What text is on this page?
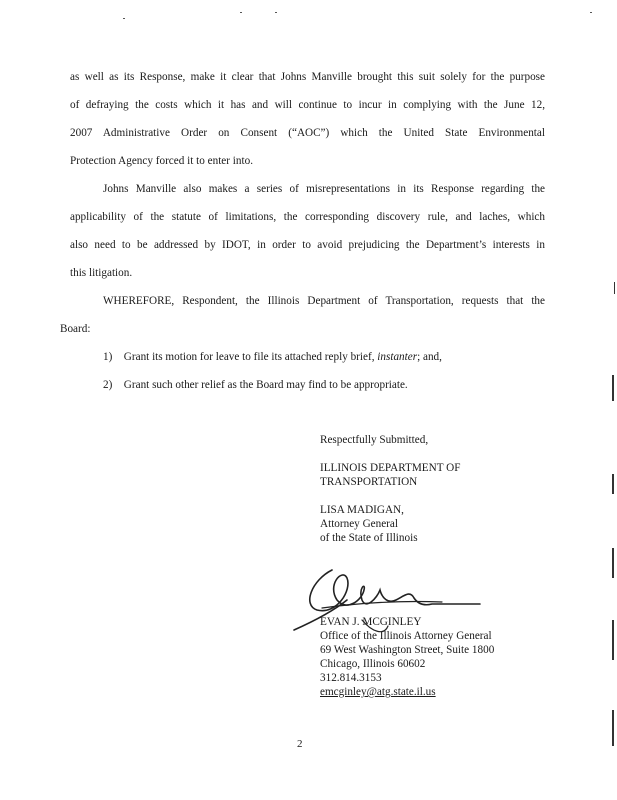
as well as its Response, make it clear that Johns Manville brought this suit solely for the purpose

of defraying the costs which it has and will continue to incur in complying with the June 12,

2007 Administrative Order on Consent (“AOC”) which the United State Environmental

Protection Agency forced it to enter into.

Johns Manville also makes a series of misrepresentations in its Response regarding the

applicability of the statute of limitations, the corresponding discovery rule, and laches, which

also need to be addressed by IDOT, in order to avoid prejudicing the Department’s interests in

this litigation.

WHEREFORE, Respondent, the Illinois Department of Transportation, requests that the

Board:

1) Grant its motion for leave to file its attached reply brief, instanter; and,

2) Grant such other relief as the Board may find to be appropriate.

Respectfully Submitted,

ILLINOIS DEPARTMENT OF

TRANSPORTATION

LISA MADIGAN,

Attorney General

of the State of Illinois

EVAN J. MCGINLEY

Office of the Illinois Attorney General

69 West Washington Street, Suite 1800

Chicago, Illinois 60602

312.814.3153

emcginley@atg.state.il.us

2
